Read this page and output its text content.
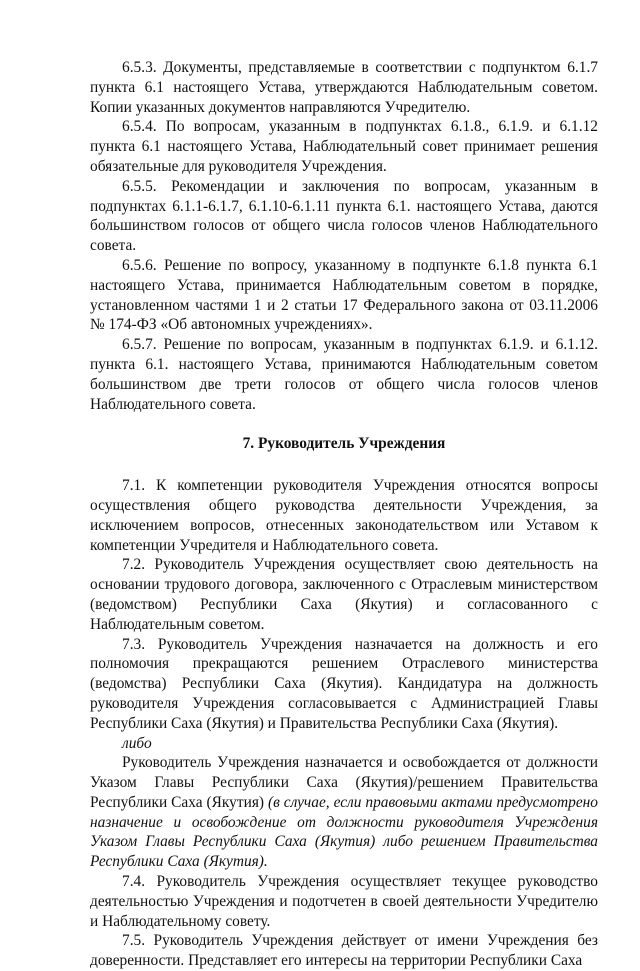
6.5.3. Документы, представляемые в соответствии с подпунктом 6.1.7 пункта 6.1 настоящего Устава, утверждаются Наблюдательным советом. Копии указанных документов направляются Учредителю.

6.5.4. По вопросам, указанным в подпунктах 6.1.8., 6.1.9. и 6.1.12 пункта 6.1 настоящего Устава, Наблюдательный совет принимает решения обязательные для руководителя Учреждения.

6.5.5. Рекомендации и заключения по вопросам, указанным в подпунктах 6.1.1-6.1.7, 6.1.10-6.1.11 пункта 6.1. настоящего Устава, даются большинством голосов от общего числа голосов членов Наблюдательного совета.

6.5.6. Решение по вопросу, указанному в подпункте 6.1.8 пункта 6.1 настоящего Устава, принимается Наблюдательным советом в порядке, установленном частями 1 и 2 статьи 17 Федерального закона от 03.11.2006 № 174-ФЗ «Об автономных учреждениях».

6.5.7. Решение по вопросам, указанным в подпунктах 6.1.9. и 6.1.12. пункта 6.1. настоящего Устава, принимаются Наблюдательным советом большинством две трети голосов от общего числа голосов членов Наблюдательного совета.

7. Руководитель Учреждения

7.1. К компетенции руководителя Учреждения относятся вопросы осуществления общего руководства деятельности Учреждения, за исключением вопросов, отнесенных законодательством или Уставом к компетенции Учредителя и Наблюдательного совета.

7.2. Руководитель Учреждения осуществляет свою деятельность на основании трудового договора, заключенного с Отраслевым министерством (ведомством) Республики Саха (Якутия) и согласованного с Наблюдательным советом.

7.3. Руководитель Учреждения назначается на должность и его полномочия прекращаются решением Отраслевого министерства (ведомства) Республики Саха (Якутия). Кандидатура на должность руководителя Учреждения согласовывается с Администрацией Главы Республики Саха (Якутия) и Правительства Республики Саха (Якутия).

либо

Руководитель Учреждения назначается и освобождается от должности Указом Главы Республики Саха (Якутия)/решением Правительства Республики Саха (Якутия) (в случае, если правовыми актами предусмотрено назначение и освобождение от должности руководителя Учреждения Указом Главы Республики Саха (Якутия) либо решением Правительства Республики Саха (Якутия).

7.4. Руководитель Учреждения осуществляет текущее руководство деятельностью Учреждения и подотчетен в своей деятельности Учредителю и Наблюдательному совету.

7.5. Руководитель Учреждения действует от имени Учреждения без доверенности. Представляет его интересы на территории Республики Саха
